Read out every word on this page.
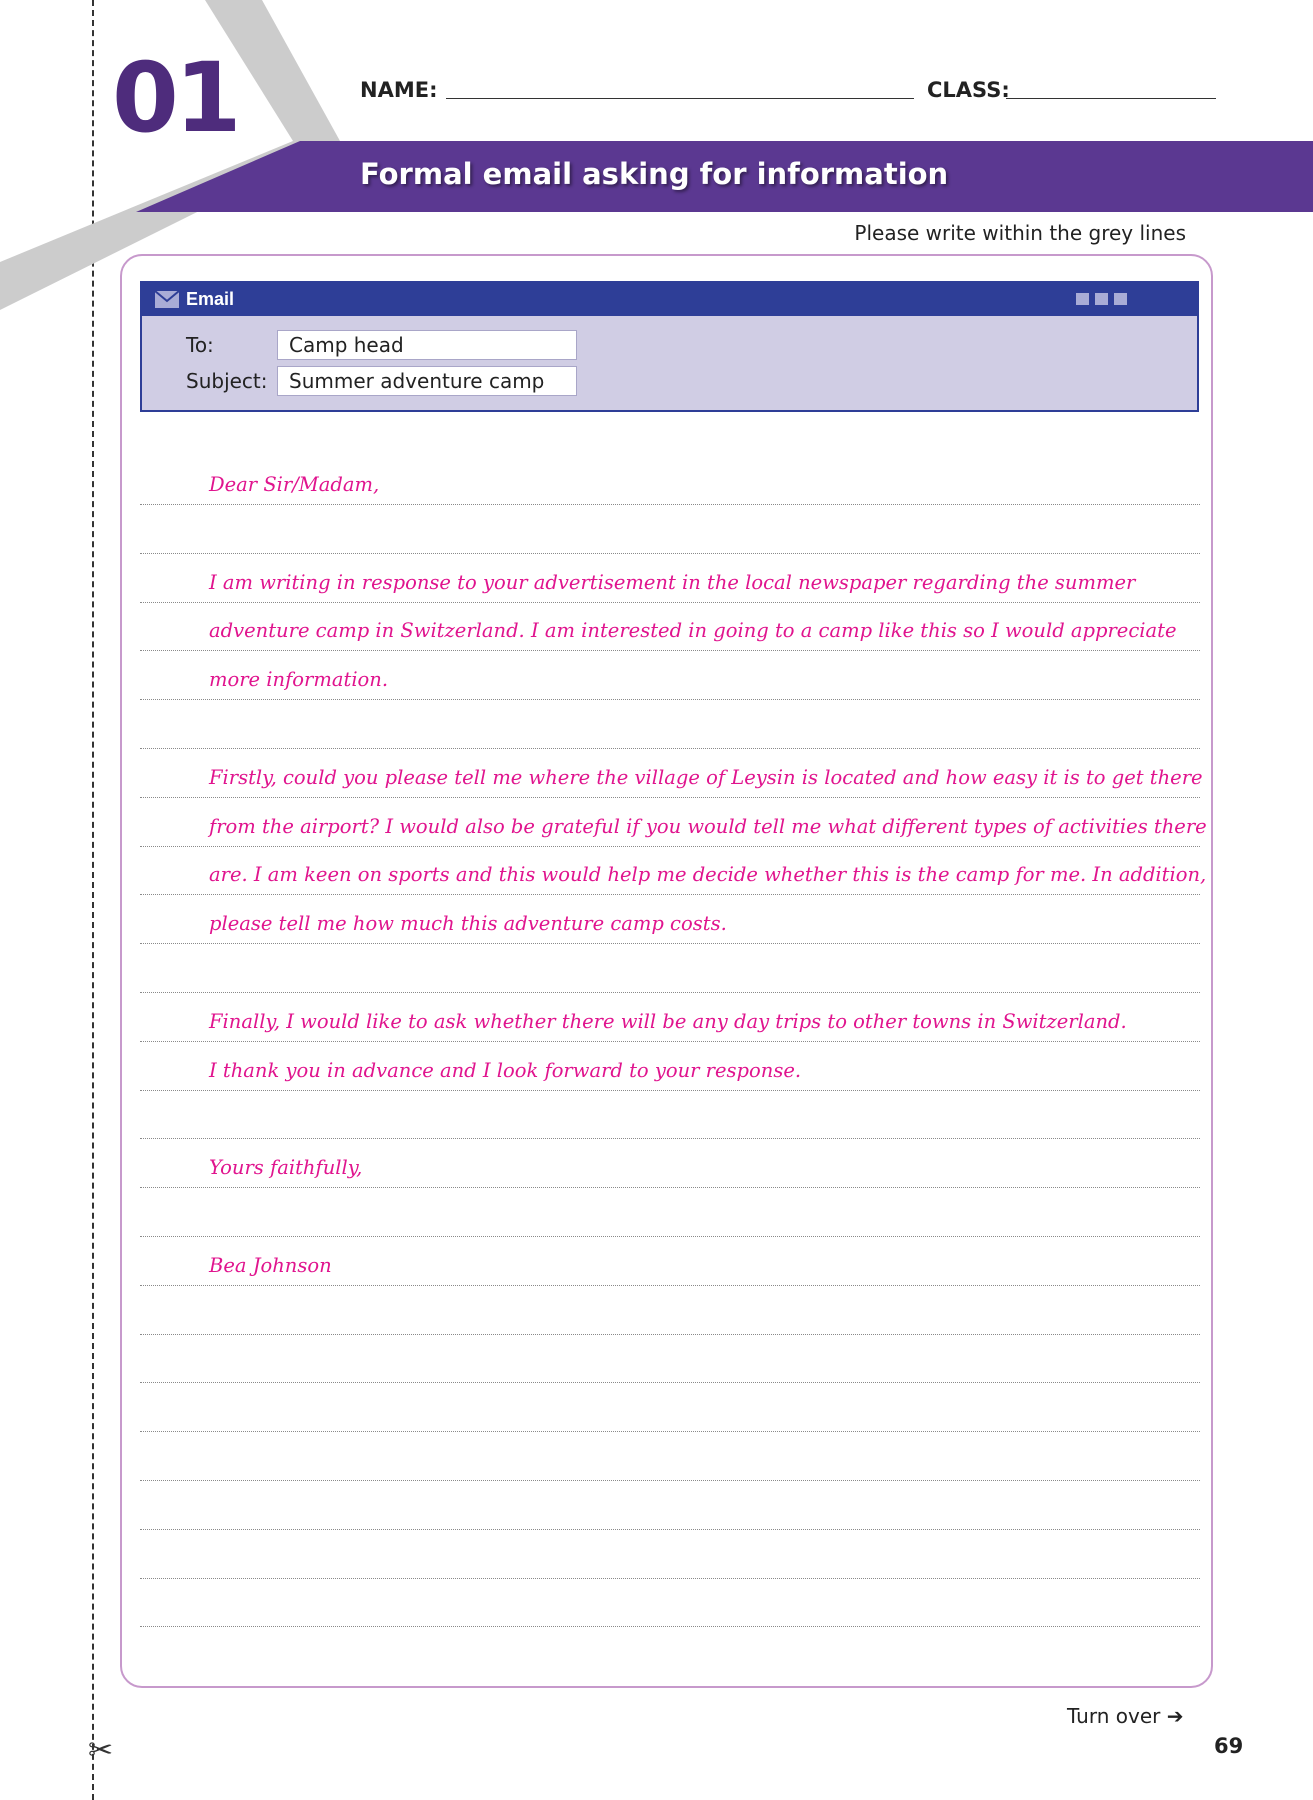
✂
01	NAME:	CLASS:
Formal email asking for information
Please write within the grey lines
Email
To:	Camp head
Subject:	Summer adventure camp
Dear Sir/Madam,
I am writing in response to your advertisement in the local newspaper regarding the summer
adventure camp in Switzerland. I am interested in going to a camp like this so I would appreciate
more information.
Firstly, could you please tell me where the village of Leysin is located and how easy it is to get there
from the airport? I would also be grateful if you would tell me what different types of activities there
are. I am keen on sports and this would help me decide whether this is the camp for me. In addition,
please tell me how much this adventure camp costs.
Finally, I would like to ask whether there will be any day trips to other towns in Switzerland.
I thank you in advance and I look forward to your response.
Yours faithfully,
Bea Johnson
Turn over ➔
69
